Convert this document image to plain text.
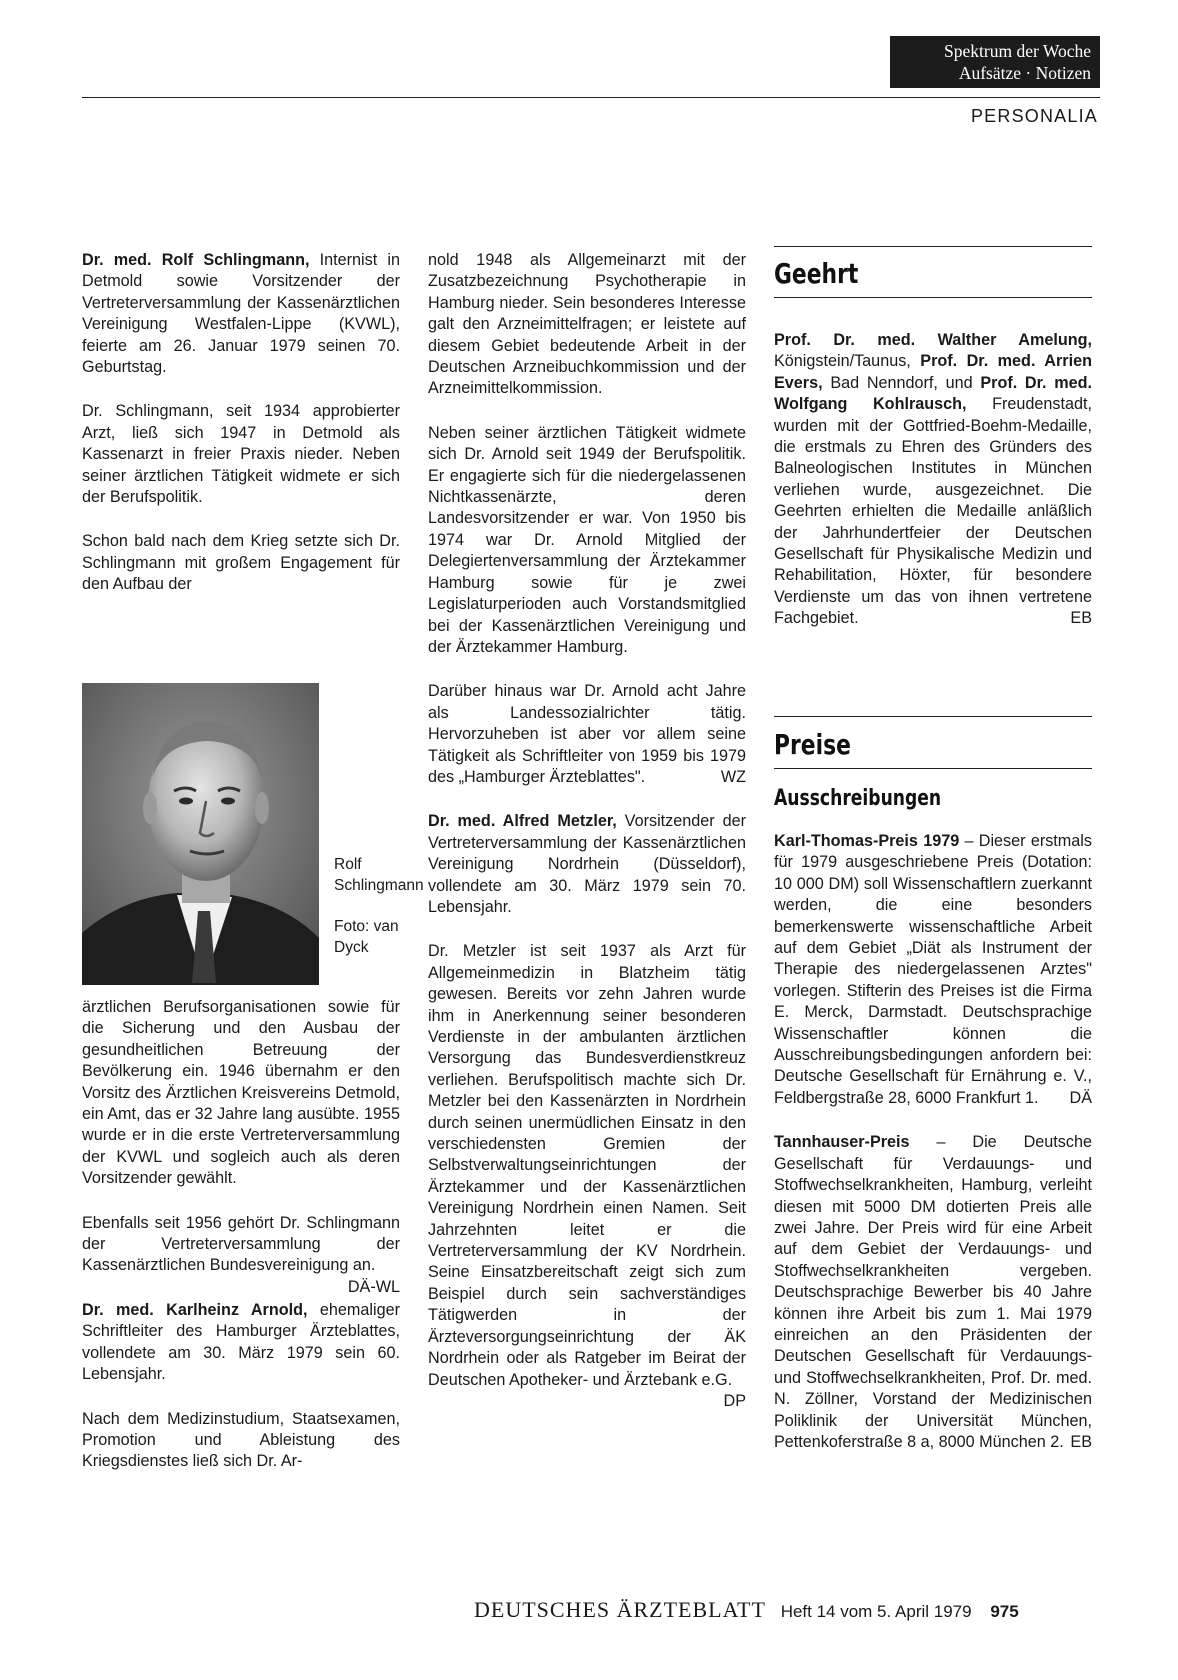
Spektrum der Woche
Aufsätze · Notizen
PERSONALIA

Dr. med. Rolf Schlingmann, Internist in Detmold sowie Vorsitzender der Vertreterversammlung der Kassenärztlichen Vereinigung Westfalen-Lippe (KVWL), feierte am 26. Januar 1979 seinen 70. Geburtstag.

Dr. Schlingmann, seit 1934 approbierter Arzt, ließ sich 1947 in Detmold als Kassenarzt in freier Praxis nieder. Neben seiner ärztlichen Tätigkeit widmete er sich der Berufspolitik.

Schon bald nach dem Krieg setzte sich Dr. Schlingmann mit großem Engagement für den Aufbau der

Rolf Schlingmann

Foto: van Dyck

ärztlichen Berufsorganisationen sowie für die Sicherung und den Ausbau der gesundheitlichen Betreuung der Bevölkerung ein. 1946 übernahm er den Vorsitz des Ärztlichen Kreisvereins Detmold, ein Amt, das er 32 Jahre lang ausübte. 1955 wurde er in die erste Vertreterversammlung der KVWL und sogleich auch als deren Vorsitzender gewählt.

Ebenfalls seit 1956 gehört Dr. Schlingmann der Vertreterversammlung der Kassenärztlichen Bundesvereinigung an.
DÄ-WL

Dr. med. Karlheinz Arnold, ehemaliger Schriftleiter des Hamburger Ärzteblattes, vollendete am 30. März 1979 sein 60. Lebensjahr.

Nach dem Medizinstudium, Staatsexamen, Promotion und Ableistung des Kriegsdienstes ließ sich Dr. Ar-

nold 1948 als Allgemeinarzt mit der Zusatzbezeichnung Psychotherapie in Hamburg nieder. Sein besonderes Interesse galt den Arzneimittelfragen; er leistete auf diesem Gebiet bedeutende Arbeit in der Deutschen Arzneibuchkommission und der Arzneimittelkommission.

Neben seiner ärztlichen Tätigkeit widmete sich Dr. Arnold seit 1949 der Berufspolitik. Er engagierte sich für die niedergelassenen Nichtkassenärzte, deren Landesvorsitzender er war. Von 1950 bis 1974 war Dr. Arnold Mitglied der Delegiertenversammlung der Ärztekammer Hamburg sowie für je zwei Legislaturperioden auch Vorstandsmitglied bei der Kassenärztlichen Vereinigung und der Ärztekammer Hamburg.

Darüber hinaus war Dr. Arnold acht Jahre als Landessozialrichter tätig. Hervorzuheben ist aber vor allem seine Tätigkeit als Schriftleiter von 1959 bis 1979 des „Hamburger Ärzteblattes".	WZ

Dr. med. Alfred Metzler, Vorsitzender der Vertreterversammlung der Kassenärztlichen Vereinigung Nordrhein (Düsseldorf), vollendete am 30. März 1979 sein 70. Lebensjahr.

Dr. Metzler ist seit 1937 als Arzt für Allgemeinmedizin in Blatzheim tätig gewesen. Bereits vor zehn Jahren wurde ihm in Anerkennung seiner besonderen Verdienste in der ambulanten ärztlichen Versorgung das Bundesverdienstkreuz verliehen. Berufspolitisch machte sich Dr. Metzler bei den Kassenärzten in Nordrhein durch seinen unermüdlichen Einsatz in den verschiedensten Gremien der Selbstverwaltungseinrichtungen der Ärztekammer und der Kassenärztlichen Vereinigung Nordrhein einen Namen. Seit Jahrzehnten leitet er die Vertreterversammlung der KV Nordrhein. Seine Einsatzbereitschaft zeigt sich zum Beispiel durch sein sachverständiges Tätigwerden in der Ärzteversorgungseinrichtung der ÄK Nordrhein oder als Ratgeber im Beirat der Deutschen Apotheker- und Ärztebank e.G.
DP

Geehrt

Prof. Dr. med. Walther Amelung, Königstein/Taunus, Prof. Dr. med. Arrien Evers, Bad Nenndorf, und Prof. Dr. med. Wolfgang Kohlrausch, Freudenstadt, wurden mit der Gottfried-Boehm-Medaille, die erstmals zu Ehren des Gründers des Balneologischen Institutes in München verliehen wurde, ausgezeichnet. Die Geehrten erhielten die Medaille anläßlich der Jahrhundertfeier der Deutschen Gesellschaft für Physikalische Medizin und Rehabilitation, Höxter, für besondere Verdienste um das von ihnen vertretene Fachgebiet.	EB

Preise
Ausschreibungen

Karl-Thomas-Preis 1979 – Dieser erstmals für 1979 ausgeschriebene Preis (Dotation: 10 000 DM) soll Wissenschaftlern zuerkannt werden, die eine besonders bemerkenswerte wissenschaftliche Arbeit auf dem Gebiet „Diät als Instrument der Therapie des niedergelassenen Arztes" vorlegen. Stifterin des Preises ist die Firma E. Merck, Darmstadt. Deutschsprachige Wissenschaftler können die Ausschreibungsbedingungen anfordern bei: Deutsche Gesellschaft für Ernährung e. V., Feldbergstraße 28, 6000 Frankfurt 1. DÄ

Tannhauser-Preis – Die Deutsche Gesellschaft für Verdauungs- und Stoffwechselkrankheiten, Hamburg, verleiht diesen mit 5000 DM dotierten Preis alle zwei Jahre. Der Preis wird für eine Arbeit auf dem Gebiet der Verdauungs- und Stoffwechselkrankheiten vergeben. Deutschsprachige Bewerber bis 40 Jahre können ihre Arbeit bis zum 1. Mai 1979 einreichen an den Präsidenten der Deutschen Gesellschaft für Verdauungs- und Stoffwechselkrankheiten, Prof. Dr. med. N. Zöllner, Vorstand der Medizinischen Poliklinik der Universität München, Pettenkoferstraße 8 a, 8000 München 2. EB

DEUTSCHES ÄRZTEBLATT Heft 14 vom 5. April 1979 975
